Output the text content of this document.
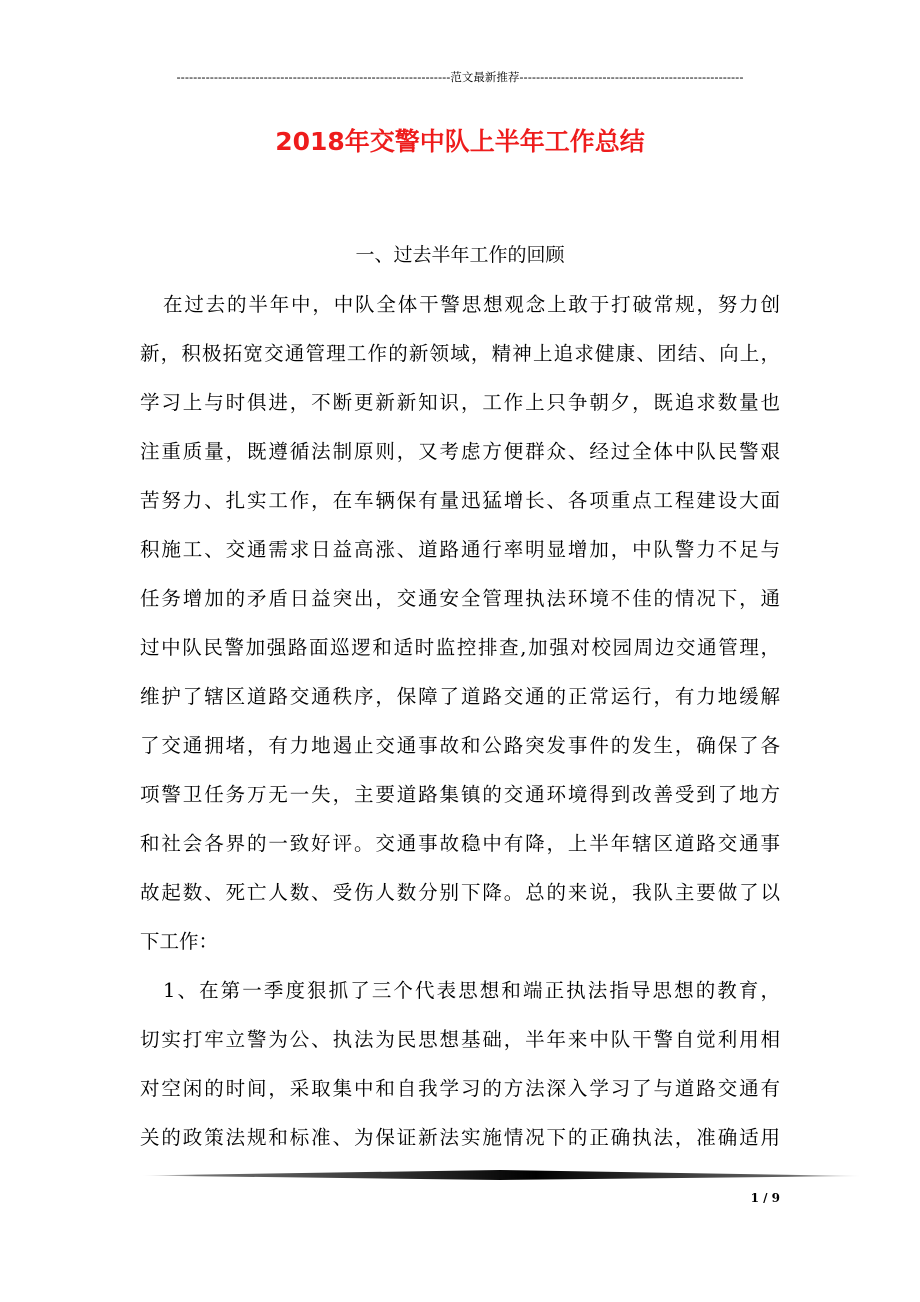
------------------------------------------------------------------范文最新推荐------------------------------------------------------
2018年交警中队上半年工作总结
一、过去半年工作的回顾
在过去的半年中，中队全体干警思想观念上敢于打破常规，努力创
新，积极拓宽交通管理工作的新领域，精神上追求健康、团结、向上，
学习上与时俱进，不断更新新知识，工作上只争朝夕，既追求数量也
注重质量，既遵循法制原则，又考虑方便群众、经过全体中队民警艰
苦努力、扎实工作，在车辆保有量迅猛增长、各项重点工程建设大面
积施工、交通需求日益高涨、道路通行率明显增加，中队警力不足与
任务增加的矛盾日益突出，交通安全管理执法环境不佳的情况下，通
过中队民警加强路面巡逻和适时监控排查,加强对校园周边交通管理，
维护了辖区道路交通秩序，保障了道路交通的正常运行，有力地缓解
了交通拥堵，有力地遏止交通事故和公路突发事件的发生，确保了各
项警卫任务万无一失，主要道路集镇的交通环境得到改善受到了地方
和社会各界的一致好评。交通事故稳中有降，上半年辖区道路交通事
故起数、死亡人数、受伤人数分别下降。总的来说，我队主要做了以
下工作：
1、在第一季度狠抓了三个代表思想和端正执法指导思想的教育，
切实打牢立警为公、执法为民思想基础，半年来中队干警自觉利用相
对空闲的时间，采取集中和自我学习的方法深入学习了与道路交通有
关的政策法规和标准、为保证新法实施情况下的正确执法，准确适用
1 / 9
